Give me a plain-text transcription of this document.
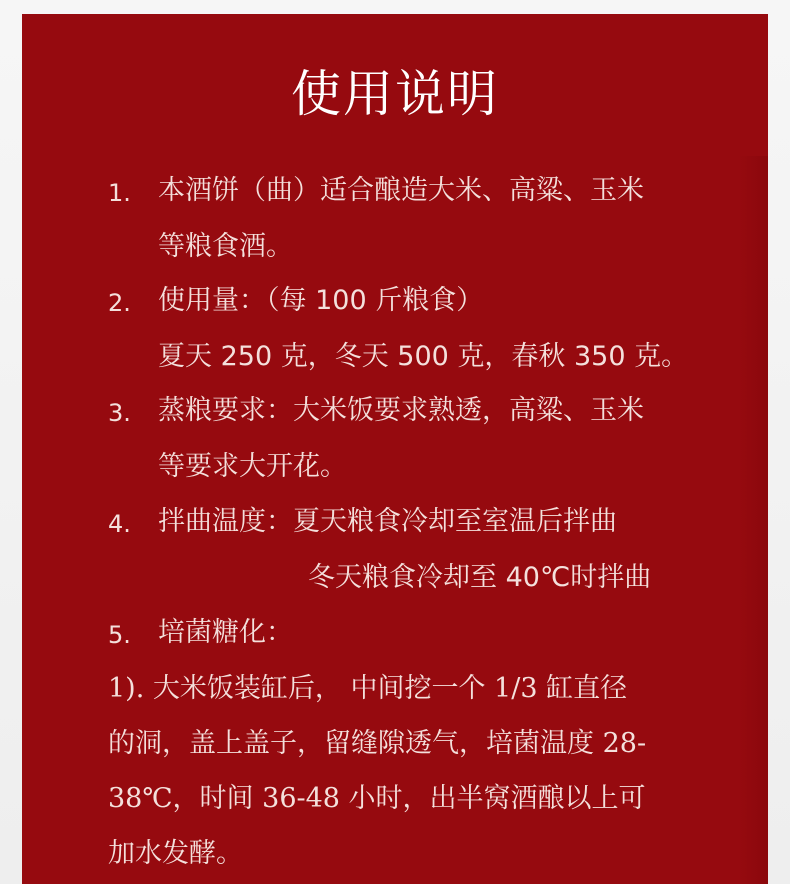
使用说明
1. 本酒饼（曲）适合酿造大米、高粱、玉米
等粮食酒。
2. 使用量：（每 100 斤粮食）
夏天 250 克，冬天 500 克，春秋 350 克。
3. 蒸粮要求：大米饭要求熟透，高粱、玉米
等要求大开花。
4. 拌曲温度：夏天粮食冷却至室温后拌曲
冬天粮食冷却至 40℃时拌曲
5. 培菌糖化：
1). 大米饭装缸后， 中间挖一个 1/3 缸直径
的洞，盖上盖子，留缝隙透气，培菌温度 28-
38℃，时间 36-48 小时，出半窝酒酿以上可
加水发酵。
